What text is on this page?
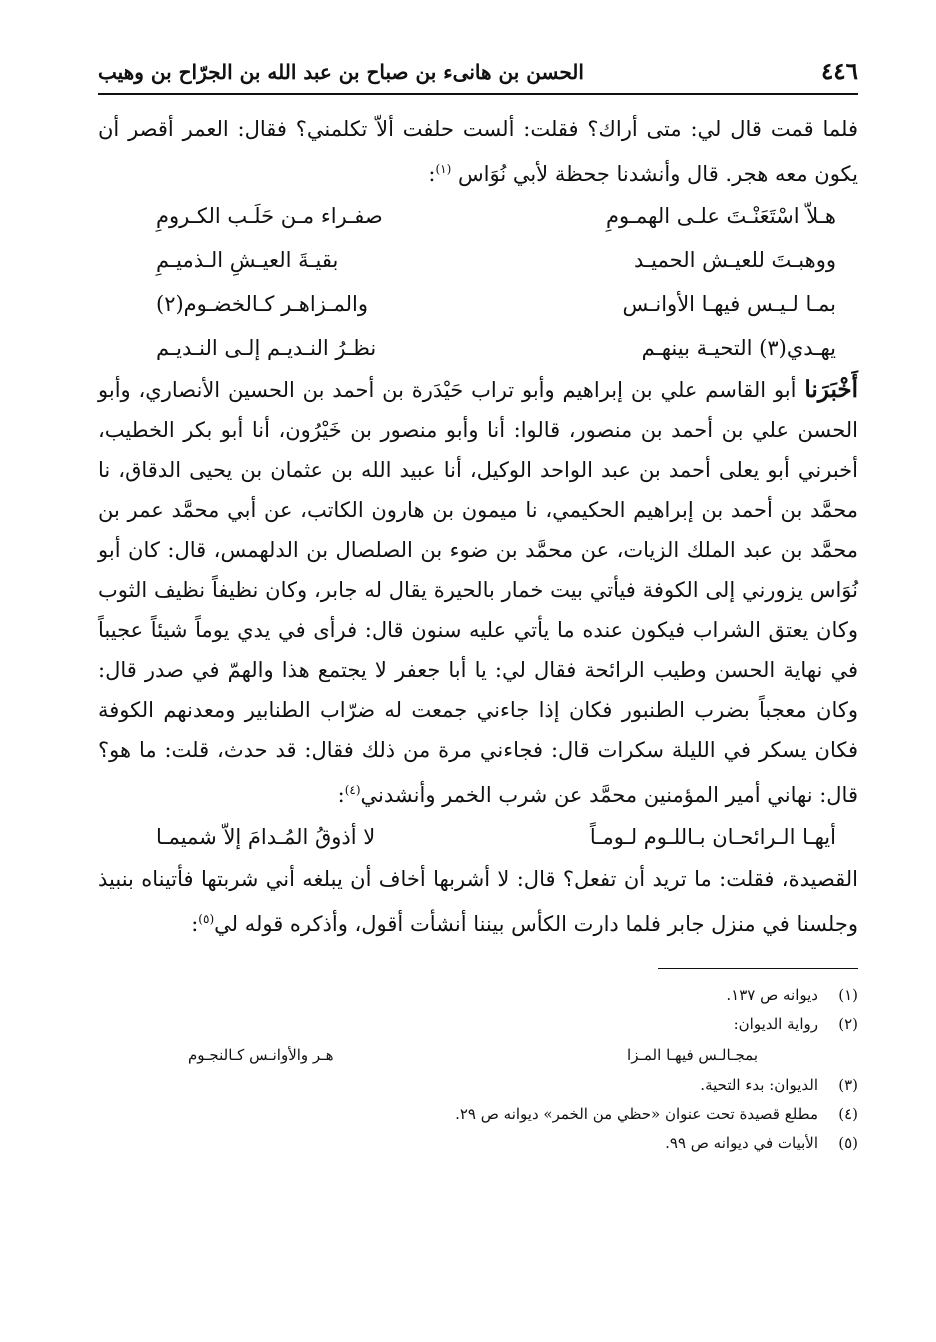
٤٤٦
الحسن بن هانىء بن صباح بن عبد الله بن الجرّاح بن وهيب

فلما قمت قال لي: متى أراك؟ فقلت: ألست حلفت ألاّ تكلمني؟ فقال: العمر أقصر أن يكون معه هجر. قال وأنشدنا جحظة لأبي نُوَاس $^{(١)}$:

هـلاّ اسْتَعَنْـتَ علـى الهمـومِ
صفـراء مـن حَلَـب الكـرومِ
ووهبـتَ للعيـش الحميـد
بقيـةَ العيـشِ الـذميـمِ
بمـا لـيـس فيهـا الأوانـس
والمـزاهـر كـالخضـوم(٢)
يهـدي(٣) التحيـة بينهـم
نظـرُ النـديـم إلـى النـديـم

أَخْبَرَنا أبو القاسم علي بن إبراهيم وأبو تراب حَيْدَرة بن أحمد بن الحسين الأنصاري، وأبو الحسن علي بن أحمد بن منصور، قالوا: أنا وأبو منصور بن خَيْرُون، أنا أبو بكر الخطيب، أخبرني أبو يعلى أحمد بن عبد الواحد الوكيل، أنا عبيد الله بن عثمان بن يحيى الدقاق، نا محمَّد بن أحمد بن إبراهيم الحكيمي، نا ميمون بن هارون الكاتب، عن أبي محمَّد عمر بن محمَّد بن عبد الملك الزيات، عن محمَّد بن ضوء بن الصلصال بن الدلهمس، قال: كان أبو نُوَاس يزورني إلى الكوفة فيأتي بيت خمار بالحيرة يقال له جابر، وكان نظيفاً نظيف الثوب وكان يعتق الشراب فيكون عنده ما يأتي عليه سنون قال: فرأى في يدي يوماً شيئاً عجيباً في نهاية الحسن وطيب الرائحة فقال لي: يا أبا جعفر لا يجتمع هذا والهمّ في صدر قال: وكان معجباً بضرب الطنبور فكان إذا جاءني جمعت له ضرّاب الطنابير ومعدنهم الكوفة فكان يسكر في الليلة سكرات قال: فجاءني مرة من ذلك فقال: قد حدث، قلت: ما هو؟ قال: نهاني أمير المؤمنين محمَّد عن شرب الخمر وأنشدني$^{(٤)}$:

أيهـا الـرائحـان بـاللـوم لـومـاً
لا أذوقُ المُـدامَ إلاّ شميمـا

القصيدة، فقلت: ما تريد أن تفعل؟ قال: لا أشربها أخاف أن يبلغه أني شربتها فأتيناه بنبيذ وجلسنا في منزل جابر فلما دارت الكأس بيننا أنشأت أقول، وأذكره قوله لي$^{(٥)}$:

(١)
ديوانه ص ١٣٧.
(٢)
رواية الديوان:
بمجـالـس فيهـا المـزا
هـر والأوانـس كـالنجـوم
(٣)
الديوان: بدء التحية.
(٤)
مطلع قصيدة تحت عنوان «حظي من الخمر» ديوانه ص ٢٩.
(٥)
الأبيات في ديوانه ص ٩٩.
